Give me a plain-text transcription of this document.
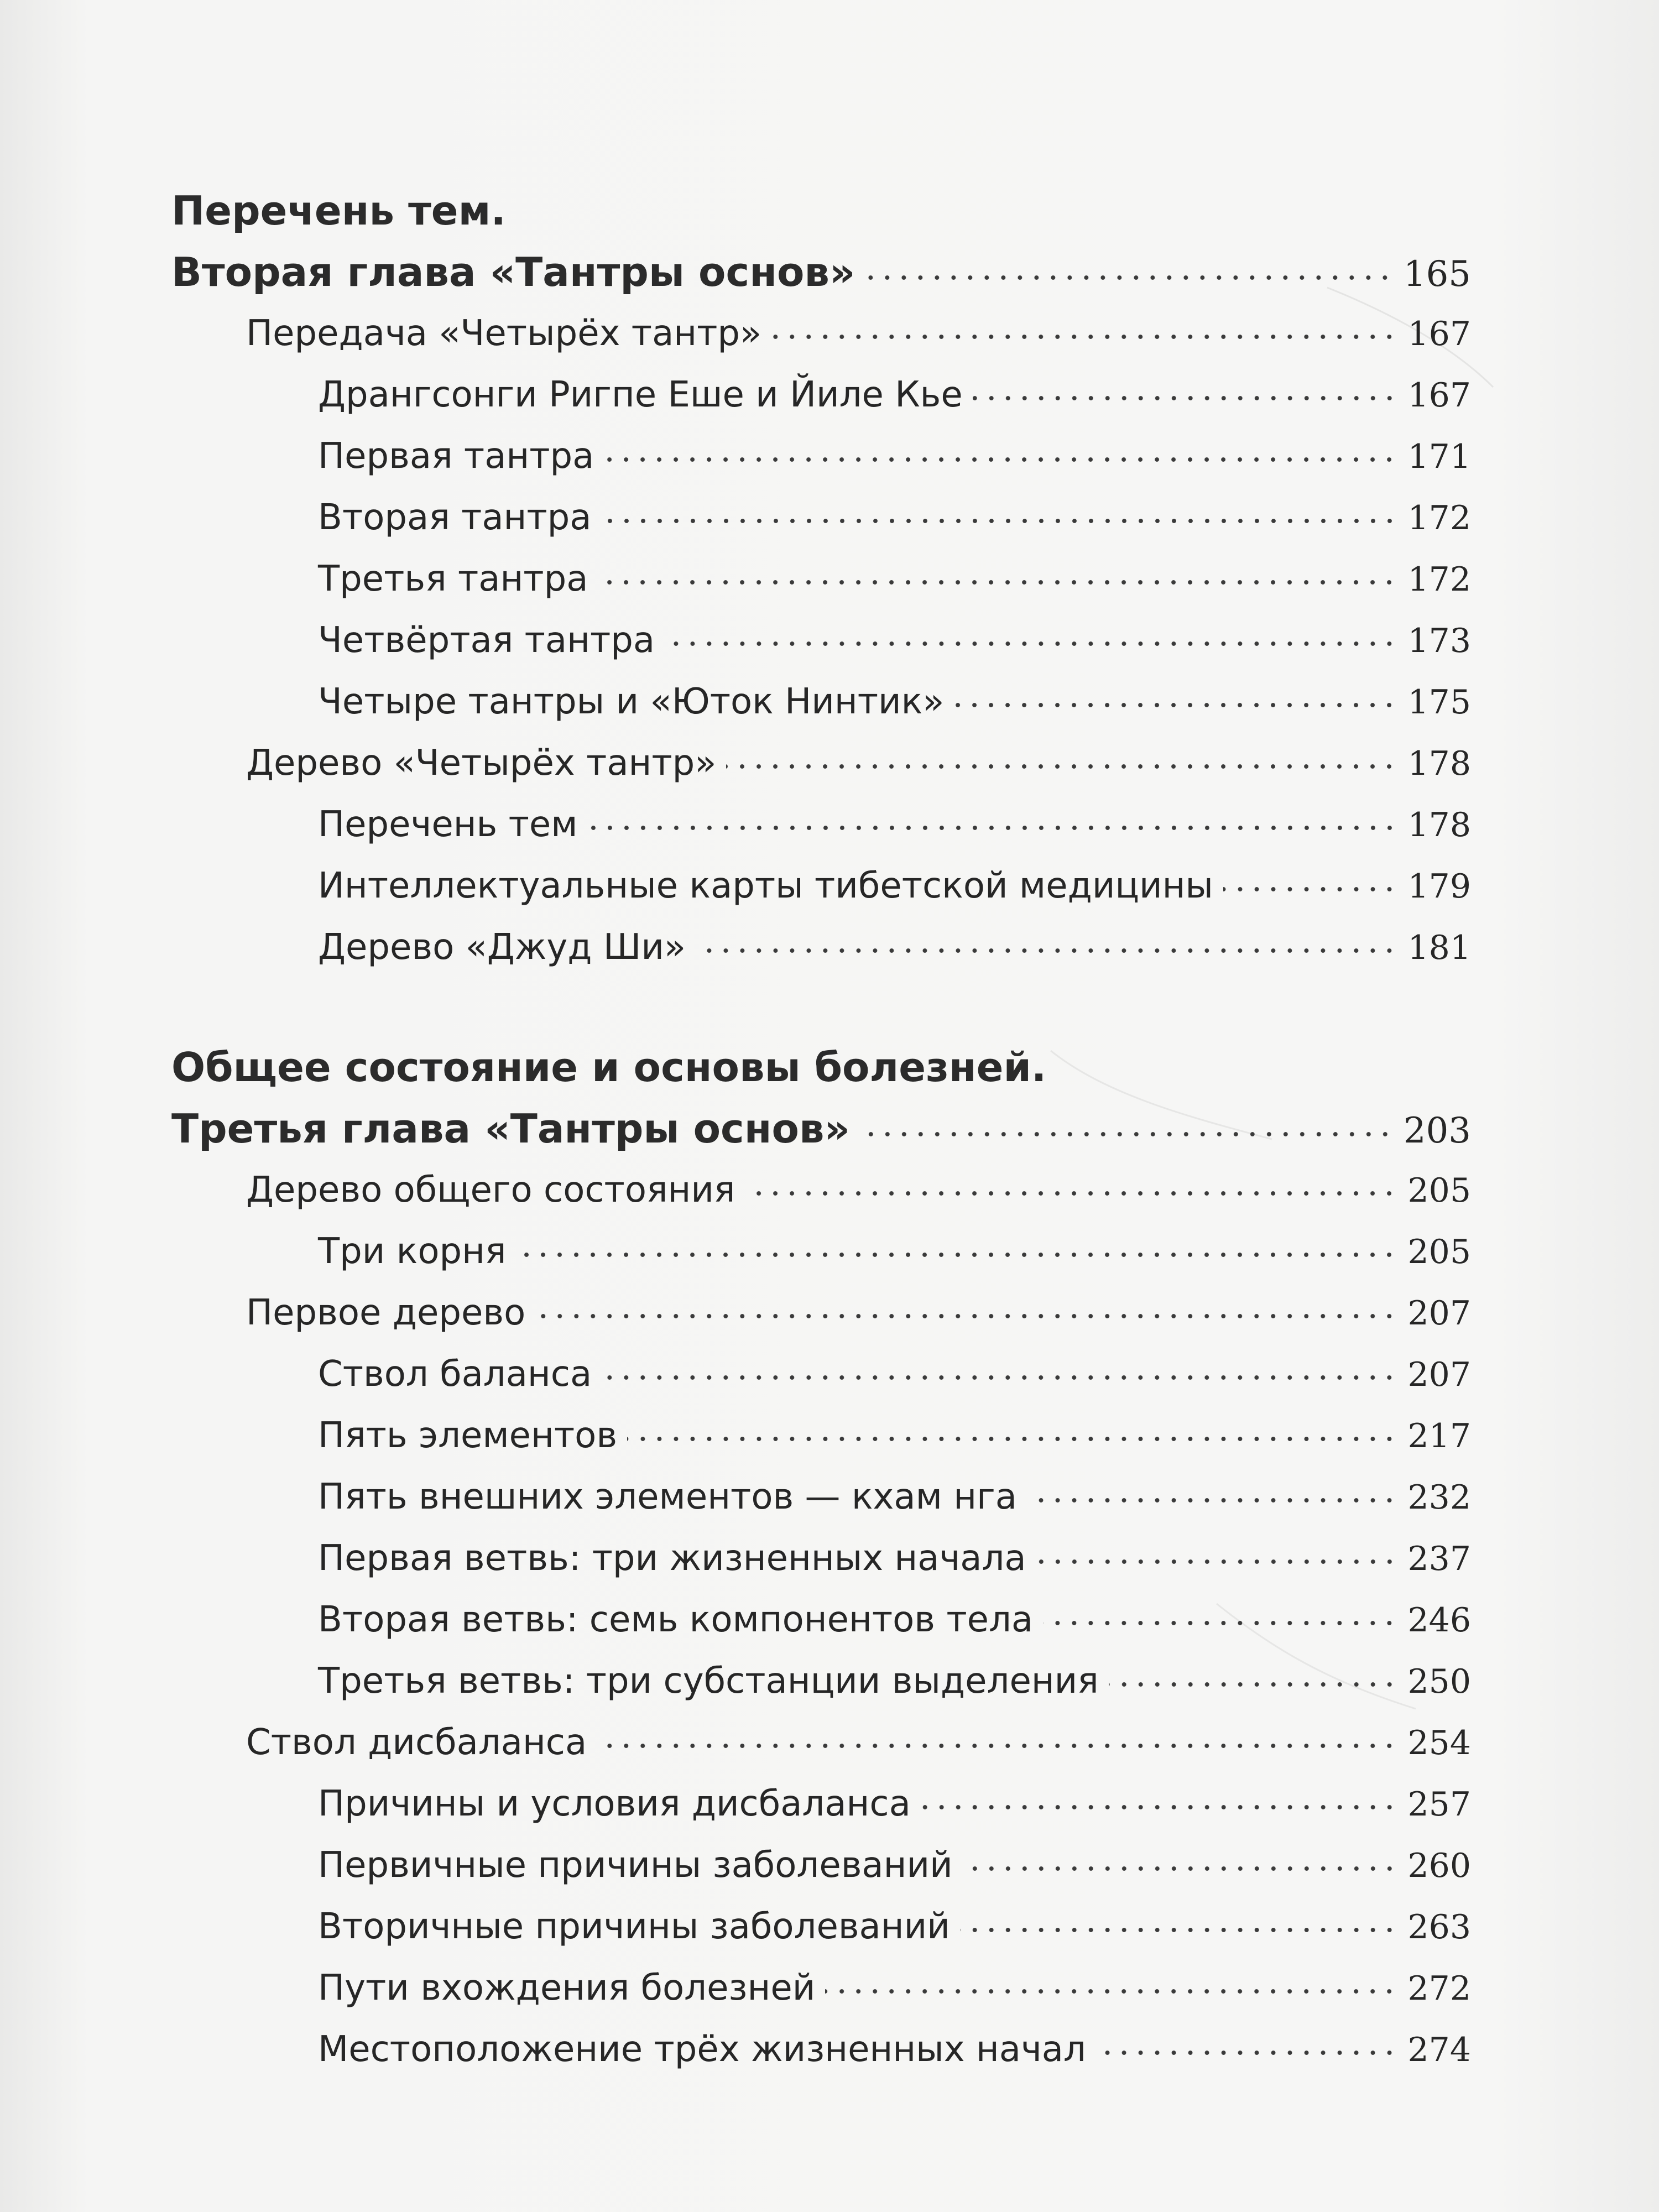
Перечень тем.
Вторая глава «Тантры основ»	165
Передача «Четырёх тантр»	167
Дрангсонги Ригпе Еше и Йиле Кье	167
Первая тантра	171
Вторая тантра	172
Третья тантра	172
Четвёртая тантра	173
Четыре тантры и «Юток Нинтик»	175
Дерево «Четырёх тантр»	178
Перечень тем	178
Интеллектуальные карты тибетской медицины	179
Дерево «Джуд Ши»	181
Общее состояние и основы болезней.
Третья глава «Тантры основ»	203
Дерево общего состояния	205
Три корня	205
Первое дерево	207
Ствол баланса	207
Пять элементов	217
Пять внешних элементов — кхам нга	232
Первая ветвь: три жизненных начала	237
Вторая ветвь: семь компонентов тела	246
Третья ветвь: три субстанции выделения	250
Ствол дисбаланса	254
Причины и условия дисбаланса	257
Первичные причины заболеваний	260
Вторичные причины заболеваний	263
Пути вхождения болезней	272
Местоположение трёх жизненных начал	274
